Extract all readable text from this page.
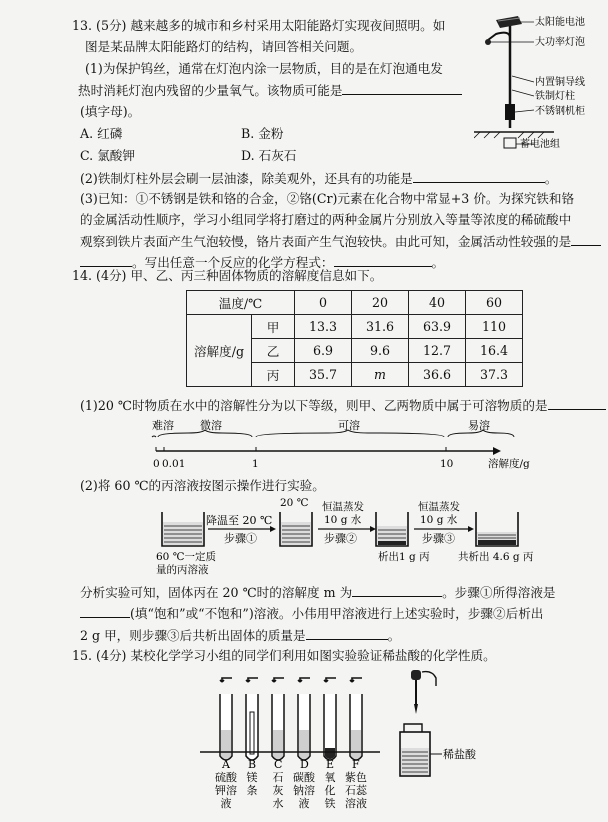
13. (5分) 越来越多的城市和乡村采用太阳能路灯实现夜间照明。如
图是某品牌太阳能路灯的结构，请回答相关问题。
(1)为保护钨丝，通常在灯泡内涂一层物质，目的是在灯泡通电发
热时消耗灯泡内残留的少量氧气。该物质可能是
(填字母)。
A. 红磷	B. 金粉
C. 氯酸钾	D. 石灰石
(2)铁制灯柱外层会刷一层油漆，除美观外，还具有的功能是	。
(3)已知：①不锈钢是铁和铬的合金，②铬(Cr)元素在化合物中常显+3 价。为探究铁和铬
的金属活动性顺序，学习小组同学将打磨过的两种金属片分别放入等量等浓度的稀硫酸中
观察到铁片表面产生气泡较慢，铬片表面产生气泡较快。由此可知，金属活动性较强的是
。写出任意一个反应的化学方程式：	。
太阳能电池
大功率灯泡
内置铜导线
铁制灯柱
不锈钢机柜
蓄电池组
14. (4分) 甲、乙、丙三种固体物质的溶解度信息如下。
温度/℃		0	20	40	60
溶解度/g	甲	13.3	31.6	63.9	110
	乙	6.9	9.6	12.7	16.4
	丙	35.7	m	36.6	37.3
(1)20 ℃时物质在水中的溶解性分为以下等级，则甲、乙两物质中属于可溶物质的是
难溶 微溶	可溶	易溶
0 0.01	1	10	溶解度/g
(2)将 60 ℃的丙溶液按图示操作进行实验。
60 ℃一定质
量的丙溶液
降温至 20 ℃
步骤①
20 ℃ 恒温蒸发
10 g 水
步骤②
析出1 g 丙
恒温蒸发
10 g 水
步骤③
共析出 4.6 g 丙
分析实验可知，固体丙在 20 ℃时的溶解度 m 为	。步骤①所得溶液是
(填“饱和”或“不饱和”)溶液。小伟用甲溶液进行上述实验时，步骤②后析出
2 g 甲，则步骤③后共析出固体的质量是	。
15. (4分) 某校化学学习小组的同学们利用如图实验验证稀盐酸的化学性质。
A
硫酸
钾溶
液
B
镁
条
C
石
灰
水
D
碳酸
钠溶
液
E
氧
化
铁
F
紫色
石蕊
溶液
稀盐酸
